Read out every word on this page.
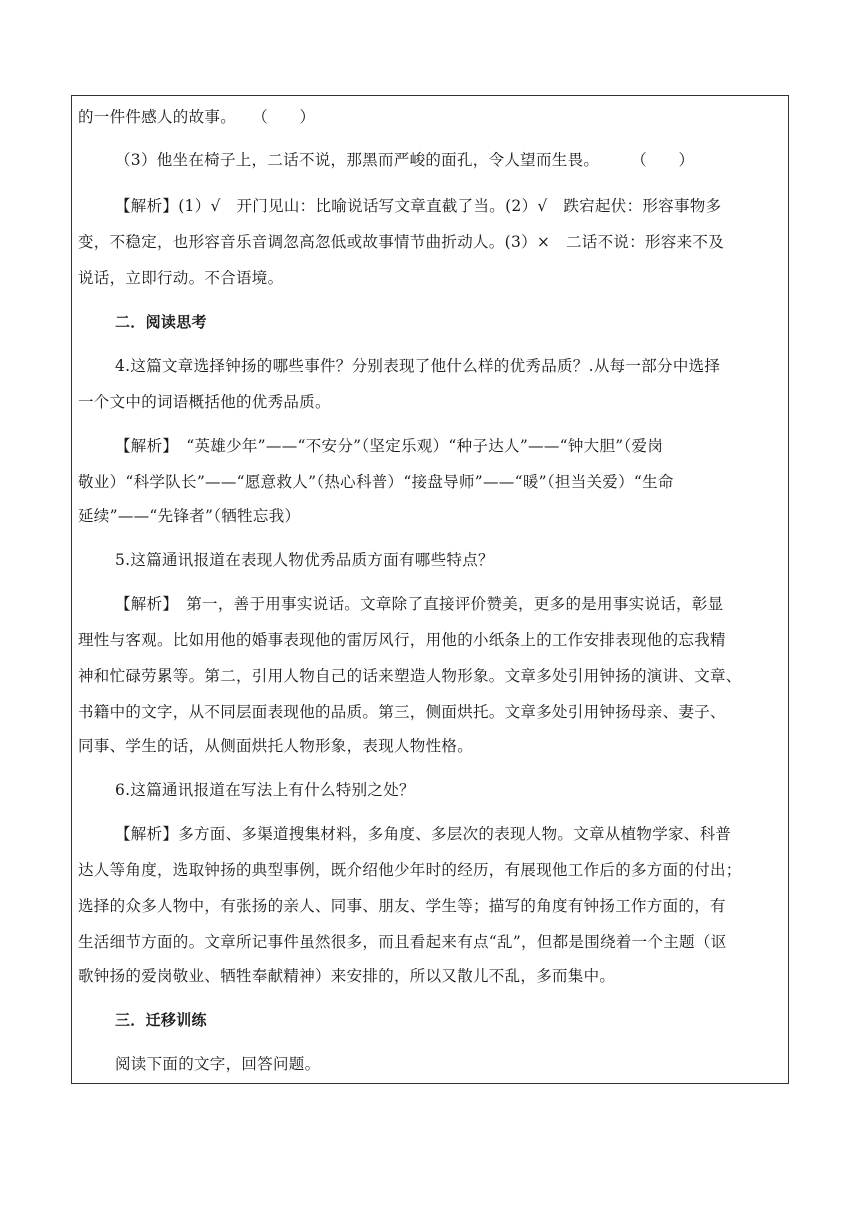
的一件件感人的故事。　　（　　）
（3）他坐在椅子上，二话不说，那黑而严峻的面孔，令人望而生畏。　　　（　　）
【解析】(1）√　开门见山：比喻说话写文章直截了当。(2）√　跌宕起伏：形容事物多
变，不稳定，也形容音乐音调忽高忽低或故事情节曲折动人。(3）×　二话不说：形容来不及
说话，立即行动。不合语境。
二．阅读思考
4.这篇文章选择钟扬的哪些事件？分别表现了他什么样的优秀品质？.从每一部分中选择
一个文中的词语概括他的优秀品质。
【解析】　“英雄少年”——“不安分”（坚定乐观）“种子达人”——“钟大胆”（爱岗
敬业）“科学队长”——“愿意救人”（热心科普）“接盘导师”——“暖”（担当关爱）“生命
延续”——“先锋者”（牺牲忘我）
5.这篇通讯报道在表现人物优秀品质方面有哪些特点？
【解析】　第一，善于用事实说话。文章除了直接评价赞美，更多的是用事实说话，彰显
理性与客观。比如用他的婚事表现他的雷厉风行，用他的小纸条上的工作安排表现他的忘我精
神和忙碌劳累等。第二，引用人物自己的话来塑造人物形象。文章多处引用钟扬的演讲、文章、
书籍中的文字，从不同层面表现他的品质。第三，侧面烘托。文章多处引用钟扬母亲、妻子、
同事、学生的话，从侧面烘托人物形象，表现人物性格。
6.这篇通讯报道在写法上有什么特别之处？
【解析】多方面、多渠道搜集材料，多角度、多层次的表现人物。文章从植物学家、科普
达人等角度，选取钟扬的典型事例，既介绍他少年时的经历，有展现他工作后的多方面的付出；
选择的众多人物中，有张扬的亲人、同事、朋友、学生等；描写的角度有钟扬工作方面的，有
生活细节方面的。文章所记事件虽然很多，而且看起来有点“乱”，但都是围绕着一个主题（讴
歌钟扬的爱岗敬业、牺牲奉献精神）来安排的，所以又散儿不乱，多而集中。
三．迁移训练
阅读下面的文字，回答问题。
